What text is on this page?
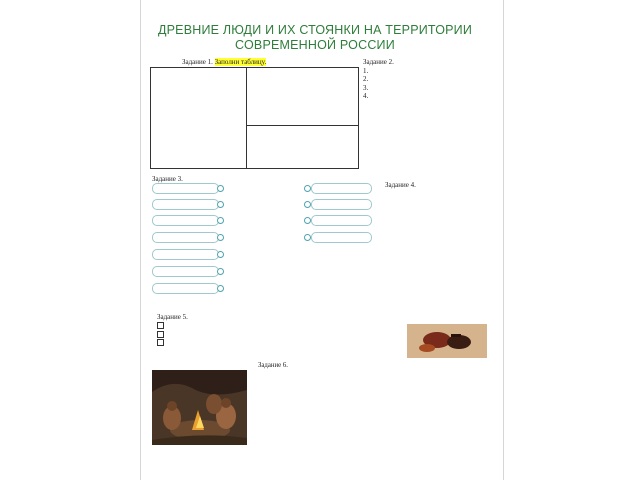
ДРЕВНИЕ ЛЮДИ И ИХ СТОЯНКИ НА ТЕРРИТОРИИ
СОВРЕМЕННОЙ РОССИИ
Задание 1. Заполни таблицу.	Задание 2.
1.
2.
3.
4.
Задание 3.
Задание 4.
Задание 5.
Задание 6.
